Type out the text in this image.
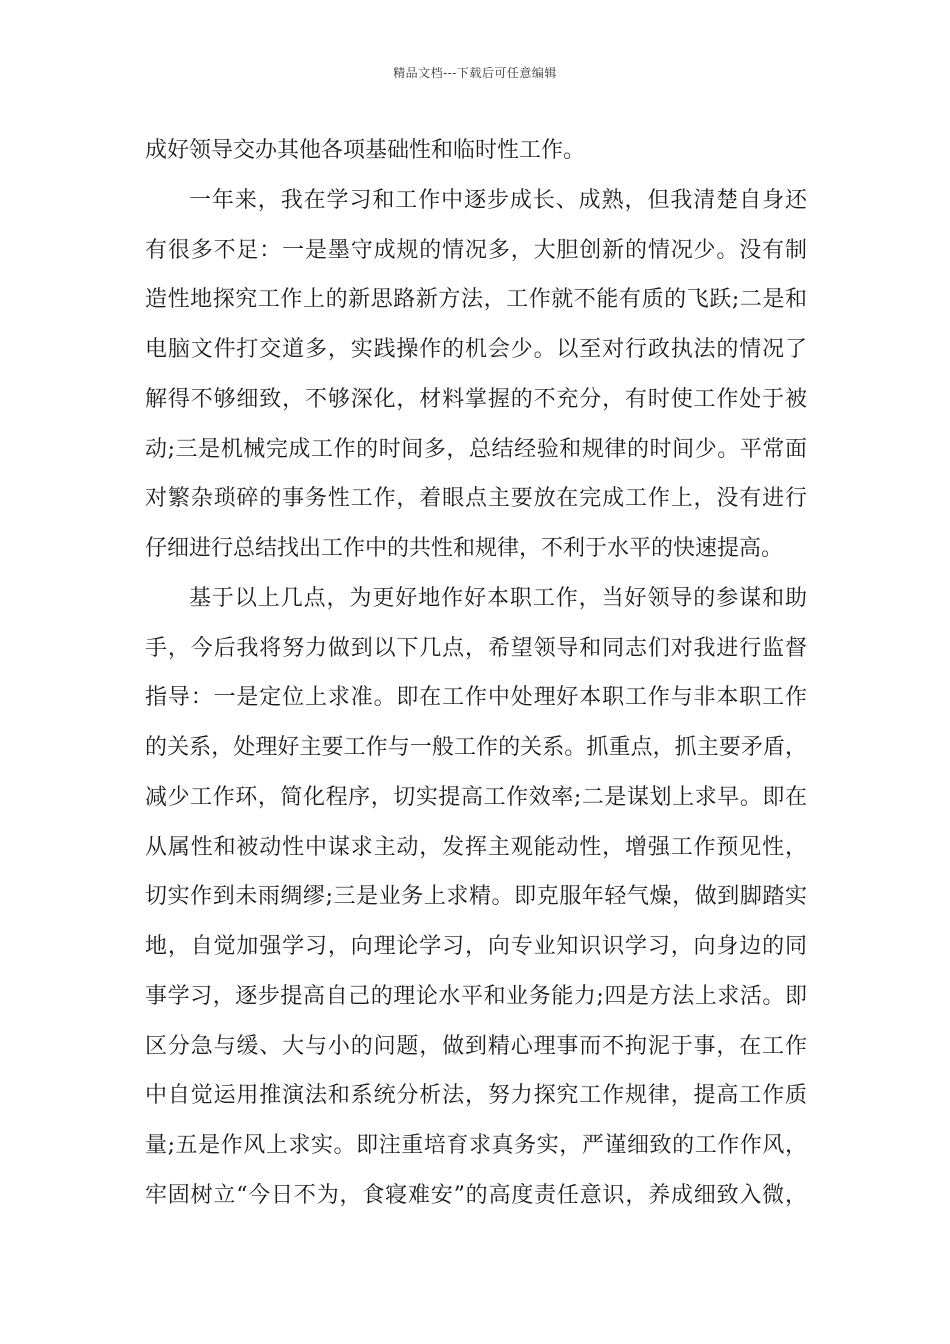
精品文档---下载后可任意编辑
成好领导交办其他各项基础性和临时性工作。
一年来，我在学习和工作中逐步成长、成熟，但我清楚自身还
有很多不足：一是墨守成规的情况多，大胆创新的情况少。没有制
造性地探究工作上的新思路新方法，工作就不能有质的飞跃;二是和
电脑文件打交道多，实践操作的机会少。以至对行政执法的情况了
解得不够细致，不够深化，材料掌握的不充分，有时使工作处于被
动;三是机械完成工作的时间多，总结经验和规律的时间少。平常面
对繁杂琐碎的事务性工作，着眼点主要放在完成工作上，没有进行
仔细进行总结找出工作中的共性和规律，不利于水平的快速提高。
基于以上几点，为更好地作好本职工作，当好领导的参谋和助
手，今后我将努力做到以下几点，希望领导和同志们对我进行监督
指导：一是定位上求准。即在工作中处理好本职工作与非本职工作
的关系，处理好主要工作与一般工作的关系。抓重点，抓主要矛盾，
减少工作环，简化程序，切实提高工作效率;二是谋划上求早。即在
从属性和被动性中谋求主动，发挥主观能动性，增强工作预见性，
切实作到未雨绸缪;三是业务上求精。即克服年轻气燥，做到脚踏实
地，自觉加强学习，向理论学习，向专业知识识学习，向身边的同
事学习，逐步提高自己的理论水平和业务能力;四是方法上求活。即
区分急与缓、大与小的问题，做到精心理事而不拘泥于事，在工作
中自觉运用推演法和系统分析法，努力探究工作规律，提高工作质
量;五是作风上求实。即注重培育求真务实，严谨细致的工作作风，
牢固树立“今日不为，食寝难安”的高度责任意识，养成细致入微，
